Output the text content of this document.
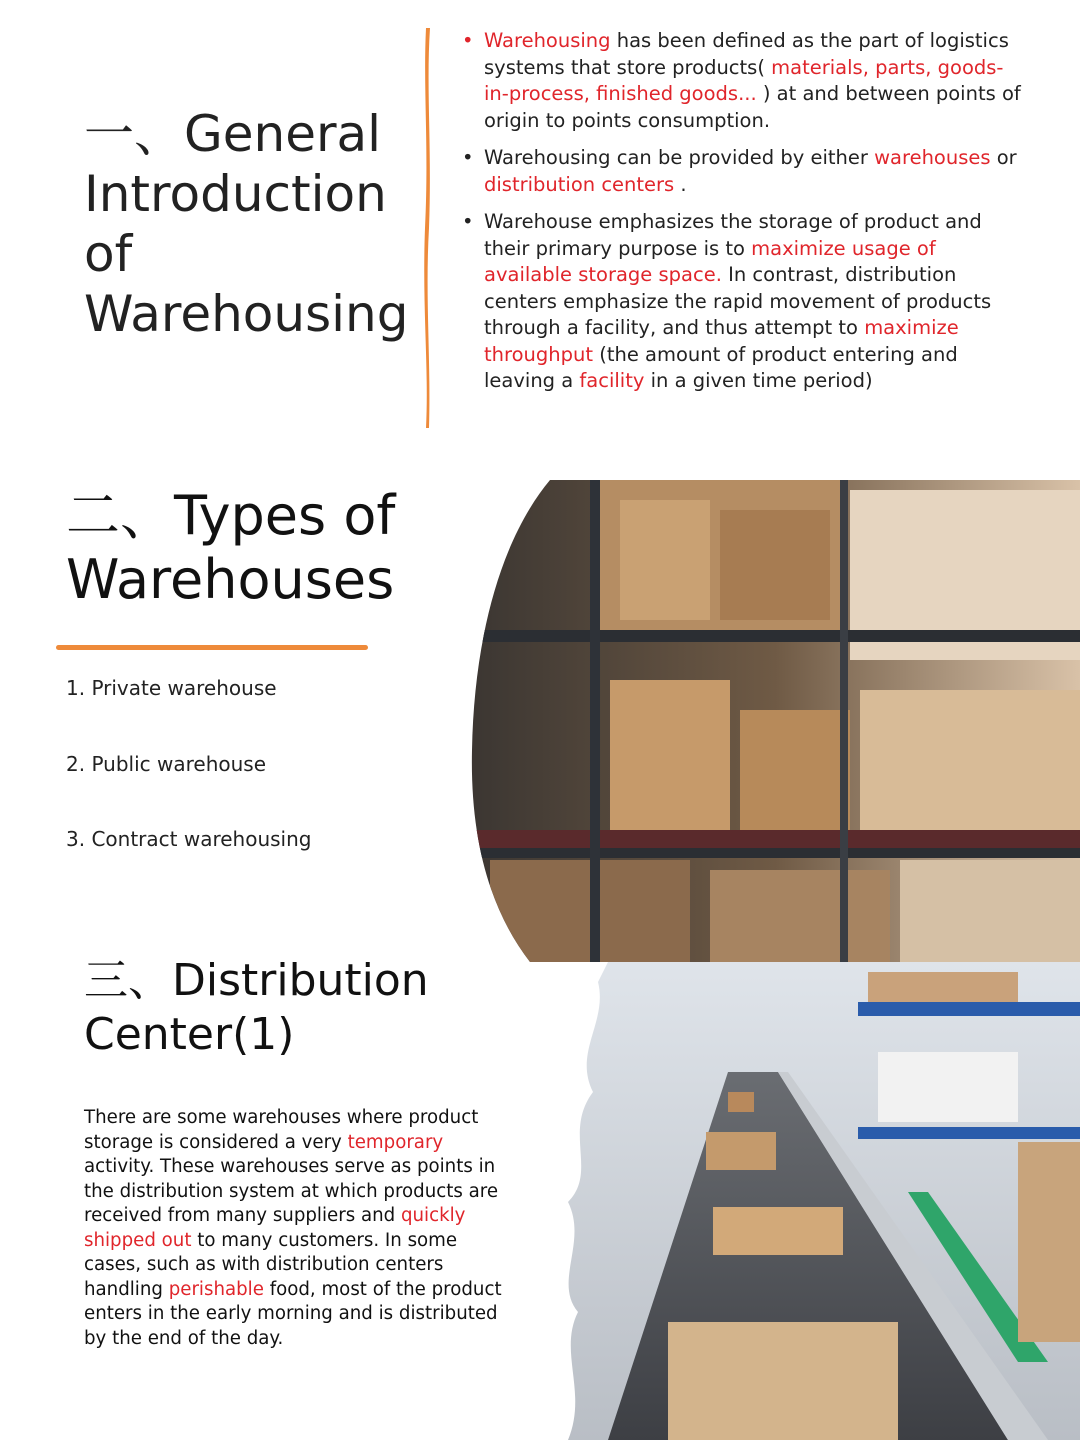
一、General Introduction of Warehousing
• Warehousing has been defined as the part of logistics systems that store products( materials, parts, goods-in-process, finished goods... ) at and between points of origin to points consumption.
• Warehousing can be provided by either warehouses or distribution centers .
• Warehouse emphasizes the storage of product and their primary purpose is to maximize usage of available storage space. In contrast, distribution centers emphasize the rapid movement of products through a facility, and thus attempt to maximize throughput (the amount of product entering and leaving a facility in a given time period)
二、Types of Warehouses
1. Private warehouse
2. Public warehouse
3. Contract warehousing
三、Distribution Center(1)
There are some warehouses where product storage is considered a very temporary activity. These warehouses serve as points in the distribution system at which products are received from many suppliers and quickly shipped out to many customers. In some cases, such as with distribution centers handling perishable food, most of the product enters in the early morning and is distributed by the end of the day.
